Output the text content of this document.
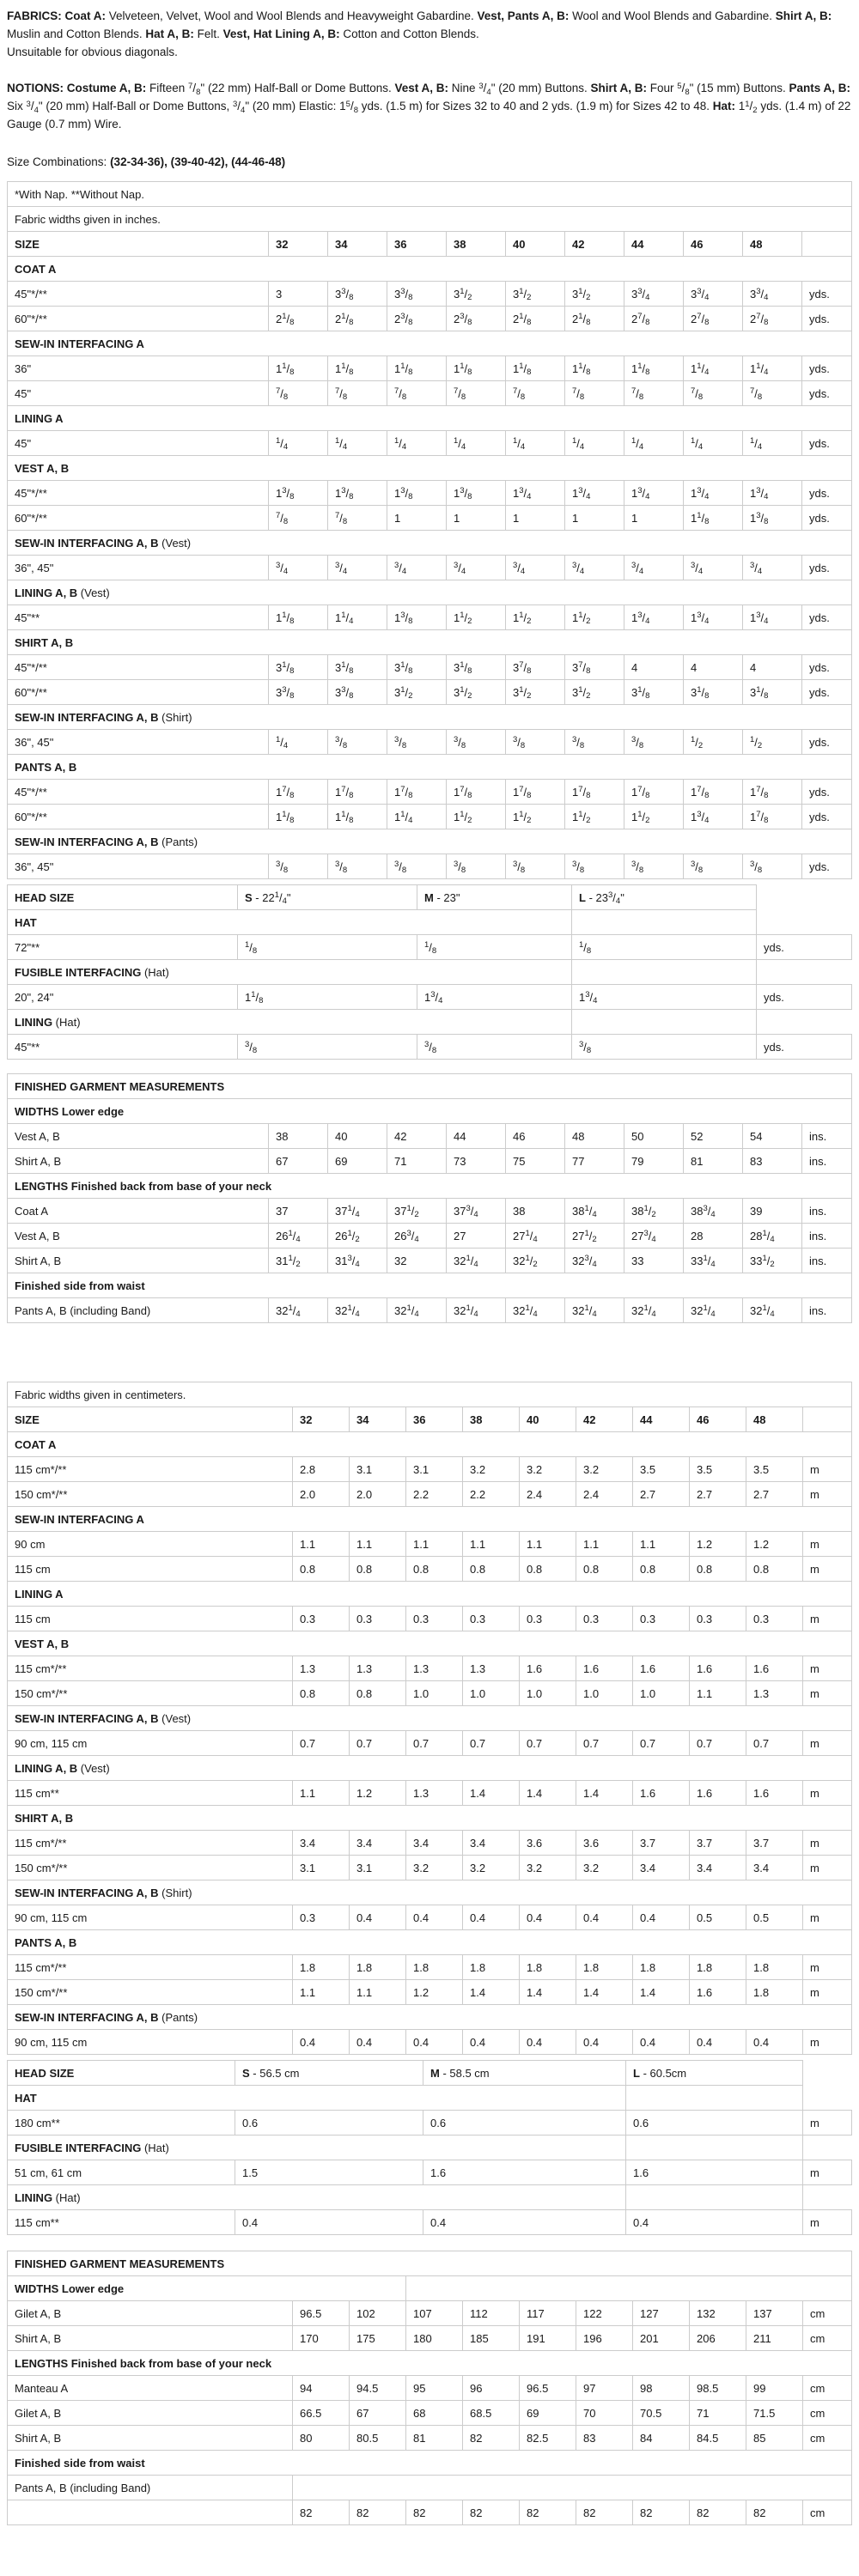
FABRICS: Coat A: Velveteen, Velvet, Wool and Wool Blends and Heavyweight Gabardine. Vest, Pants A, B: Wool and Wool Blends and Gabardine. Shirt A, B: Muslin and Cotton Blends. Hat A, B: Felt. Vest, Hat Lining A, B: Cotton and Cotton Blends.

Unsuitable for obvious diagonals.

NOTIONS: Costume A, B: Fifteen $^7/_8$" (22 mm) Half-Ball or Dome Buttons. Vest A, B: Nine $^3/_4$" (20 mm) Buttons. Shirt A, B: Four $^5/_8$" (15 mm) Buttons. Pants A, B: Six $^3/_4$" (20 mm) Half-Ball or Dome Buttons, $^3/_4$" (20 mm) Elastic: $1^5/_8$ yds. (1.5 m) for Sizes 32 to 40 and 2 yds. (1.9 m) for Sizes 42 to 48. Hat: $1^1/_2$ yds. (1.4 m) of 22 Gauge (0.7 mm) Wire.

Size Combinations: (32-34-36), (39-40-42), (44-46-48)

*With Nap. **Without Nap.										
Fabric widths given in inches.										
SIZE	32	34	36	38	40	42	44	46	48	
COAT A										
45"*/**	3	$3^3/_8$	$3^3/_8$	$3^1/_2$	$3^1/_2$	$3^1/_2$	$3^3/_4$	$3^3/_4$	$3^3/_4$	yds.
60"*/**	$2^1/_8$	$2^1/_8$	$2^3/_8$	$2^3/_8$	$2^1/_8$	$2^1/_8$	$2^7/_8$	$2^7/_8$	$2^7/_8$	yds.
SEW-IN INTERFACING A										
36"	$1^1/_8$	$1^1/_8$	$1^1/_8$	$1^1/_8$	$1^1/_8$	$1^1/_8$	$1^1/_8$	$1^1/_4$	$1^1/_4$	yds.
45"	$^7/_8$	$^7/_8$	$^7/_8$	$^7/_8$	$^7/_8$	$^7/_8$	$^7/_8$	$^7/_8$	$^7/_8$	yds.
LINING A										
45"	$^1/_4$	$^1/_4$	$^1/_4$	$^1/_4$	$^1/_4$	$^1/_4$	$^1/_4$	$^1/_4$	$^1/_4$	yds.
VEST A, B										
45"*/**	$1^3/_8$	$1^3/_8$	$1^3/_8$	$1^3/_8$	$1^3/_4$	$1^3/_4$	$1^3/_4$	$1^3/_4$	$1^3/_4$	yds.
60"*/**	$^7/_8$	$^7/_8$	1	1	1	1	1	$1^1/_8$	$1^3/_8$	yds.
SEW-IN INTERFACING A, B (Vest)										
36", 45"	$^3/_4$	$^3/_4$	$^3/_4$	$^3/_4$	$^3/_4$	$^3/_4$	$^3/_4$	$^3/_4$	$^3/_4$	yds.
LINING A, B (Vest)										
45"**	$1^1/_8$	$1^1/_4$	$1^3/_8$	$1^1/_2$	$1^1/_2$	$1^1/_2$	$1^3/_4$	$1^3/_4$	$1^3/_4$	yds.
SHIRT A, B										
45"*/**	$3^1/_8$	$3^1/_8$	$3^1/_8$	$3^1/_8$	$3^7/_8$	$3^7/_8$	4	4	4	yds.
60"*/**	$3^3/_8$	$3^3/_8$	$3^1/_2$	$3^1/_2$	$3^1/_2$	$3^1/_2$	$3^1/_8$	$3^1/_8$	$3^1/_8$	yds.
SEW-IN INTERFACING A, B (Shirt)										
36", 45"	$^1/_4$	$^3/_8$	$^3/_8$	$^3/_8$	$^3/_8$	$^3/_8$	$^3/_8$	$^1/_2$	$^1/_2$	yds.
PANTS A, B										
45"*/**	$1^7/_8$	$1^7/_8$	$1^7/_8$	$1^7/_8$	$1^7/_8$	$1^7/_8$	$1^7/_8$	$1^7/_8$	$1^7/_8$	yds.
60"*/**	$1^1/_8$	$1^1/_8$	$1^1/_4$	$1^1/_2$	$1^1/_2$	$1^1/_2$	$1^1/_2$	$1^3/_4$	$1^7/_8$	yds.
SEW-IN INTERFACING A, B (Pants)										
36", 45"	$^3/_8$	$^3/_8$	$^3/_8$	$^3/_8$	$^3/_8$	$^3/_8$	$^3/_8$	$^3/_8$	$^3/_8$	yds.
HEAD SIZE	S - $22^1/_4$"	M - 23"	L - $23^3/_4$"	
HAT				
72"**	$^1/_8$	$^1/_8$	$^1/_8$	yds.
FUSIBLE INTERFACING (Hat)				
20", 24"	$1^1/_8$	$1^3/_4$	$1^3/_4$	yds.
LINING (Hat)				
45"**	$^3/_8$	$^3/_8$	$^3/_8$	yds.
FINISHED GARMENT MEASUREMENTS										
WIDTHS Lower edge										
Vest A, B	38	40	42	44	46	48	50	52	54	ins.
Shirt A, B	67	69	71	73	75	77	79	81	83	ins.
LENGTHS Finished back from base of your neck										
Coat A	37	$37^1/_4$	$37^1/_2$	$37^3/_4$	38	$38^1/_4$	$38^1/_2$	$38^3/_4$	39	ins.
Vest A, B	$26^1/_4$	$26^1/_2$	$26^3/_4$	27	$27^1/_4$	$27^1/_2$	$27^3/_4$	28	$28^1/_4$	ins.
Shirt A, B	$31^1/_2$	$31^3/_4$	32	$32^1/_4$	$32^1/_2$	$32^3/_4$	33	$33^1/_4$	$33^1/_2$	ins.
Finished side from waist										
Pants A, B (including Band)	$32^1/_4$	$32^1/_4$	$32^1/_4$	$32^1/_4$	$32^1/_4$	$32^1/_4$	$32^1/_4$	$32^1/_4$	$32^1/_4$	ins.
Fabric widths given in centimeters.										
SIZE	32	34	36	38	40	42	44	46	48	
COAT A										
115 cm*/**	2.8	3.1	3.1	3.2	3.2	3.2	3.5	3.5	3.5	m
150 cm*/**	2.0	2.0	2.2	2.2	2.4	2.4	2.7	2.7	2.7	m
SEW-IN INTERFACING A										
90 cm	1.1	1.1	1.1	1.1	1.1	1.1	1.1	1.2	1.2	m
115 cm	0.8	0.8	0.8	0.8	0.8	0.8	0.8	0.8	0.8	m
LINING A										
115 cm	0.3	0.3	0.3	0.3	0.3	0.3	0.3	0.3	0.3	m
VEST A, B										
115 cm*/**	1.3	1.3	1.3	1.3	1.6	1.6	1.6	1.6	1.6	m
150 cm*/**	0.8	0.8	1.0	1.0	1.0	1.0	1.0	1.1	1.3	m
SEW-IN INTERFACING A, B (Vest)										
90 cm, 115 cm	0.7	0.7	0.7	0.7	0.7	0.7	0.7	0.7	0.7	m
LINING A, B (Vest)										
115 cm**	1.1	1.2	1.3	1.4	1.4	1.4	1.6	1.6	1.6	m
SHIRT A, B										
115 cm*/**	3.4	3.4	3.4	3.4	3.6	3.6	3.7	3.7	3.7	m
150 cm*/**	3.1	3.1	3.2	3.2	3.2	3.2	3.4	3.4	3.4	m
SEW-IN INTERFACING A, B (Shirt)										
90 cm, 115 cm	0.3	0.4	0.4	0.4	0.4	0.4	0.4	0.5	0.5	m
PANTS A, B										
115 cm*/**	1.8	1.8	1.8	1.8	1.8	1.8	1.8	1.8	1.8	m
150 cm*/**	1.1	1.1	1.2	1.4	1.4	1.4	1.4	1.6	1.8	m
SEW-IN INTERFACING A, B (Pants)										
90 cm, 115 cm	0.4	0.4	0.4	0.4	0.4	0.4	0.4	0.4	0.4	m
HEAD SIZE	S - 56.5 cm	M - 58.5 cm	L - 60.5cm	
HAT				
180 cm**	0.6	0.6	0.6	m
FUSIBLE INTERFACING (Hat)				
51 cm, 61 cm	1.5	1.6	1.6	m
LINING (Hat)				
115 cm**	0.4	0.4	0.4	m
FINISHED GARMENT MEASUREMENTS										
WIDTHS Lower edge										
Gilet A, B	96.5	102	107	112	117	122	127	132	137	cm
Shirt A, B	170	175	180	185	191	196	201	206	211	cm
LENGTHS Finished back from base of your neck										
Manteau A	94	94.5	95	96	96.5	97	98	98.5	99	cm
Gilet A, B	66.5	67	68	68.5	69	70	70.5	71	71.5	cm
Shirt A, B	80	80.5	81	82	82.5	83	84	84.5	85	cm
Finished side from waist										
Pants A, B (including Band)										
	82	82	82	82	82	82	82	82	82	cm
